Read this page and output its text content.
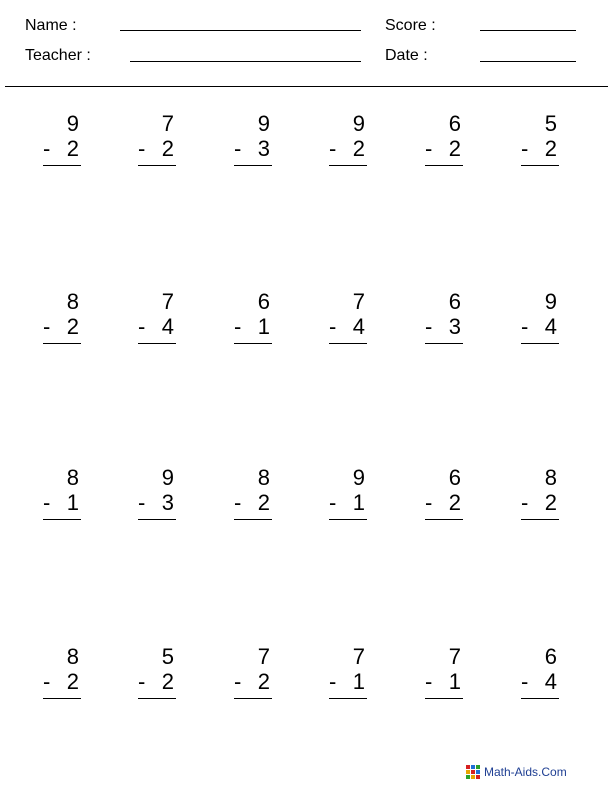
Name :
Teacher :
Score :
Date :
9
- 2
7
- 2
9
- 3
9
- 2
6
- 2
5
- 2
8
- 2
7
- 4
6
- 1
7
- 4
6
- 3
9
- 4
8
- 1
9
- 3
8
- 2
9
- 1
6
- 2
8
- 2
8
- 2
5
- 2
7
- 2
7
- 1
7
- 1
6
- 4
Math-Aids.Com
